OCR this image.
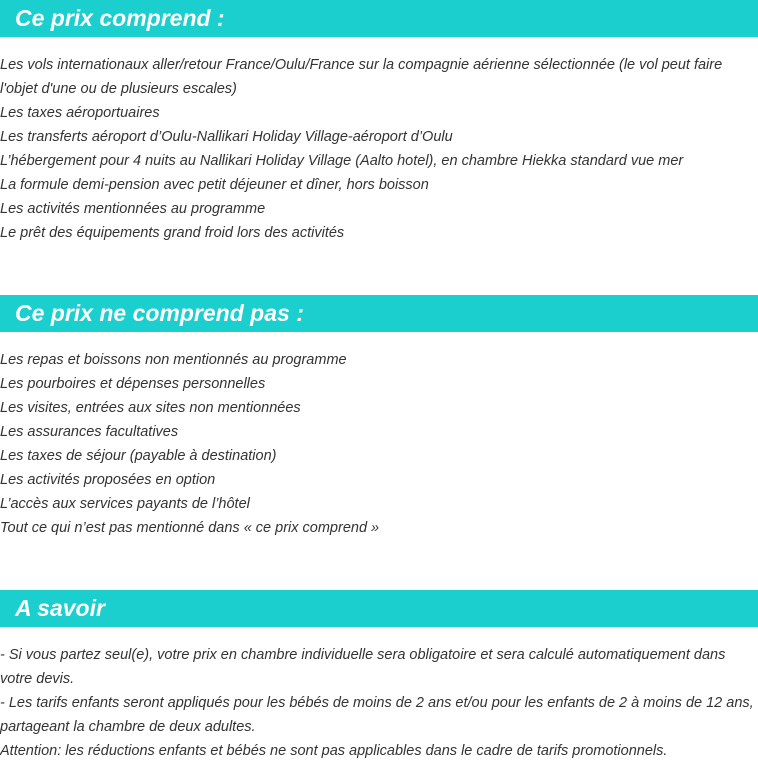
Ce prix comprend :
Les vols internationaux aller/retour France/Oulu/France sur la compagnie aérienne sélectionnée (le vol peut faire l'objet d'une ou de plusieurs escales)
Les taxes aéroportuaires
Les transferts aéroport d’Oulu-Nallikari Holiday Village-aéroport d’Oulu
L’hébergement pour 4 nuits au Nallikari Holiday Village (Aalto hotel), en chambre Hiekka standard vue mer
La formule demi-pension avec petit déjeuner et dîner, hors boisson
Les activités mentionnées au programme
Le prêt des équipements grand froid lors des activités
Ce prix ne comprend pas :
Les repas et boissons non mentionnés au programme
Les pourboires et dépenses personnelles
Les visites, entrées aux sites non mentionnées
Les assurances facultatives
Les taxes de séjour (payable à destination)
Les activités proposées en option
L’accès aux services payants de l’hôtel
Tout ce qui n’est pas mentionné dans « ce prix comprend »
A savoir
- Si vous partez seul(e), votre prix en chambre individuelle sera obligatoire et sera calculé automatiquement dans votre devis.
- Les tarifs enfants seront appliqués pour les bébés de moins de 2 ans et/ou pour les enfants de 2 à moins de 12 ans, partageant la chambre de deux adultes.
Attention: les réductions enfants et bébés ne sont pas applicables dans le cadre de tarifs promotionnels.
